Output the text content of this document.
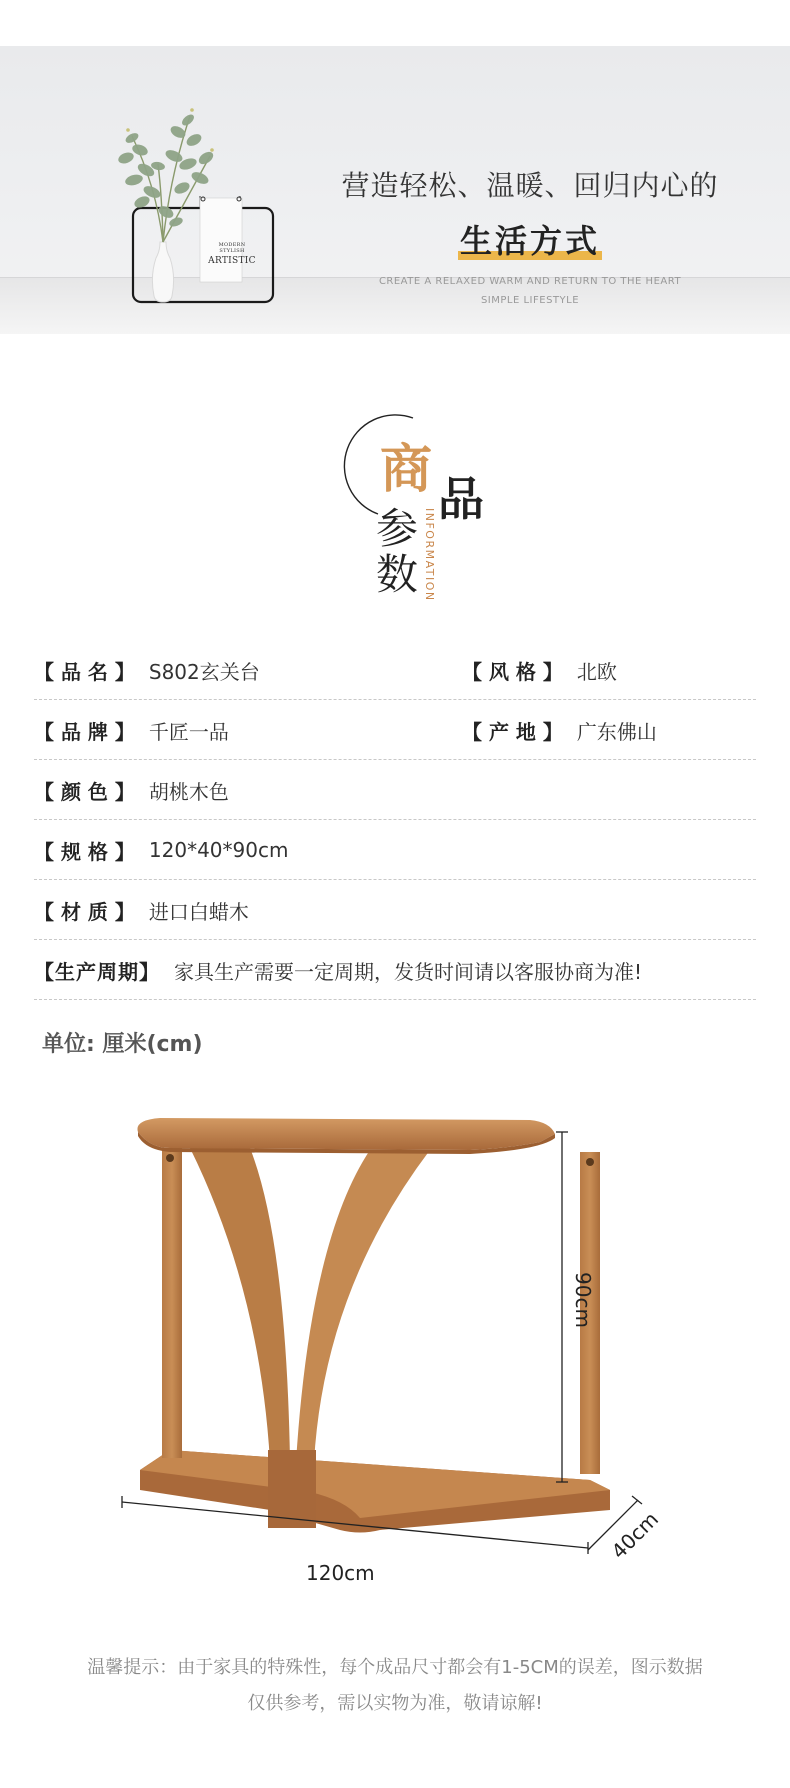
MODERN STYLISH
ARTISTIC
营造轻松、温暖、回归内心的
生活方式
CREATE A RELAXED WARM AND RETURN TO THE HEART
SIMPLE LIFESTYLE
商 品
参
数 INFORMATION
【 品 名 】 S802玄关台	【 风 格 】 北欧
【 品 牌 】 千匠一品	【 产 地 】 广东佛山
【 颜 色 】 胡桃木色
【 规 格 】 120*40*90cm
【 材 质 】 进口白蜡木
【生产周期】 家具生产需要一定周期，发货时间请以客服协商为准!
单位: 厘米(cm)
90cm
120cm
40cm
温馨提示：由于家具的特殊性，每个成品尺寸都会有1-5CM的误差，图示数据
仅供参考，需以实物为准，敬请谅解!
